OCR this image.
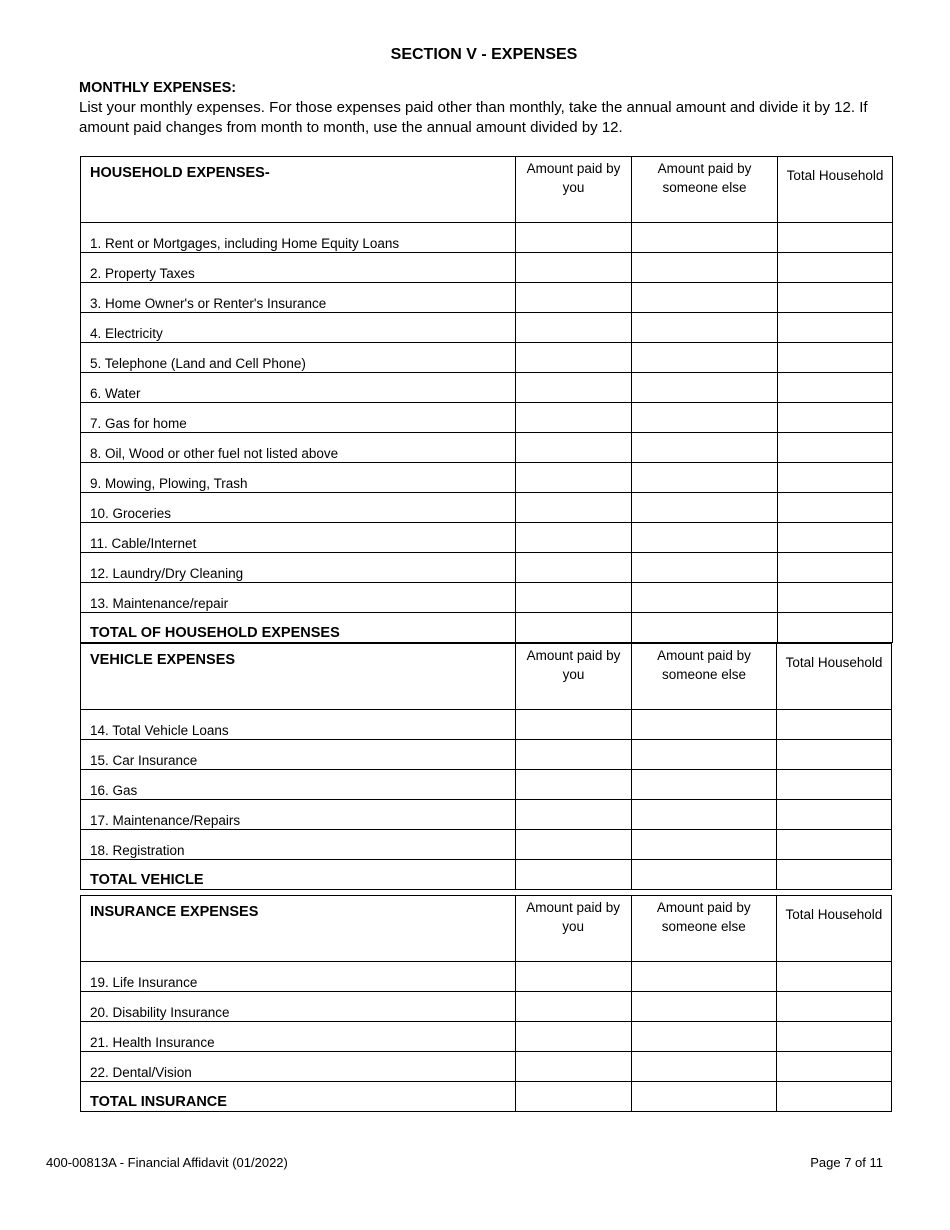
SECTION V - EXPENSES
MONTHLY EXPENSES:
List your monthly expenses. For those expenses paid other than monthly, take the annual amount and divide it by 12. If amount paid changes from month to month, use the annual amount divided by 12.
HOUSEHOLD EXPENSES-	Amount paid by you	Amount paid by someone else	Total Household
1. Rent or Mortgages, including Home Equity Loans			
2. Property Taxes			
3. Home Owner's or Renter's Insurance			
4. Electricity			
5. Telephone (Land and Cell Phone)			
6. Water			
7. Gas for home			
8. Oil, Wood or other fuel not listed above			
9. Mowing, Plowing, Trash			
10. Groceries			
11. Cable/Internet			
12. Laundry/Dry Cleaning			
13. Maintenance/repair			
TOTAL OF HOUSEHOLD EXPENSES			
VEHICLE EXPENSES	Amount paid by you	Amount paid by someone else	Total Household
14. Total Vehicle Loans			
15. Car Insurance			
16. Gas			
17. Maintenance/Repairs			
18. Registration			
TOTAL VEHICLE			
INSURANCE EXPENSES	Amount paid by you	Amount paid by someone else	Total Household
19. Life Insurance			
20. Disability Insurance			
21. Health Insurance			
22. Dental/Vision			
TOTAL INSURANCE			
400-00813A - Financial Affidavit (01/2022)	Page 7 of 11
